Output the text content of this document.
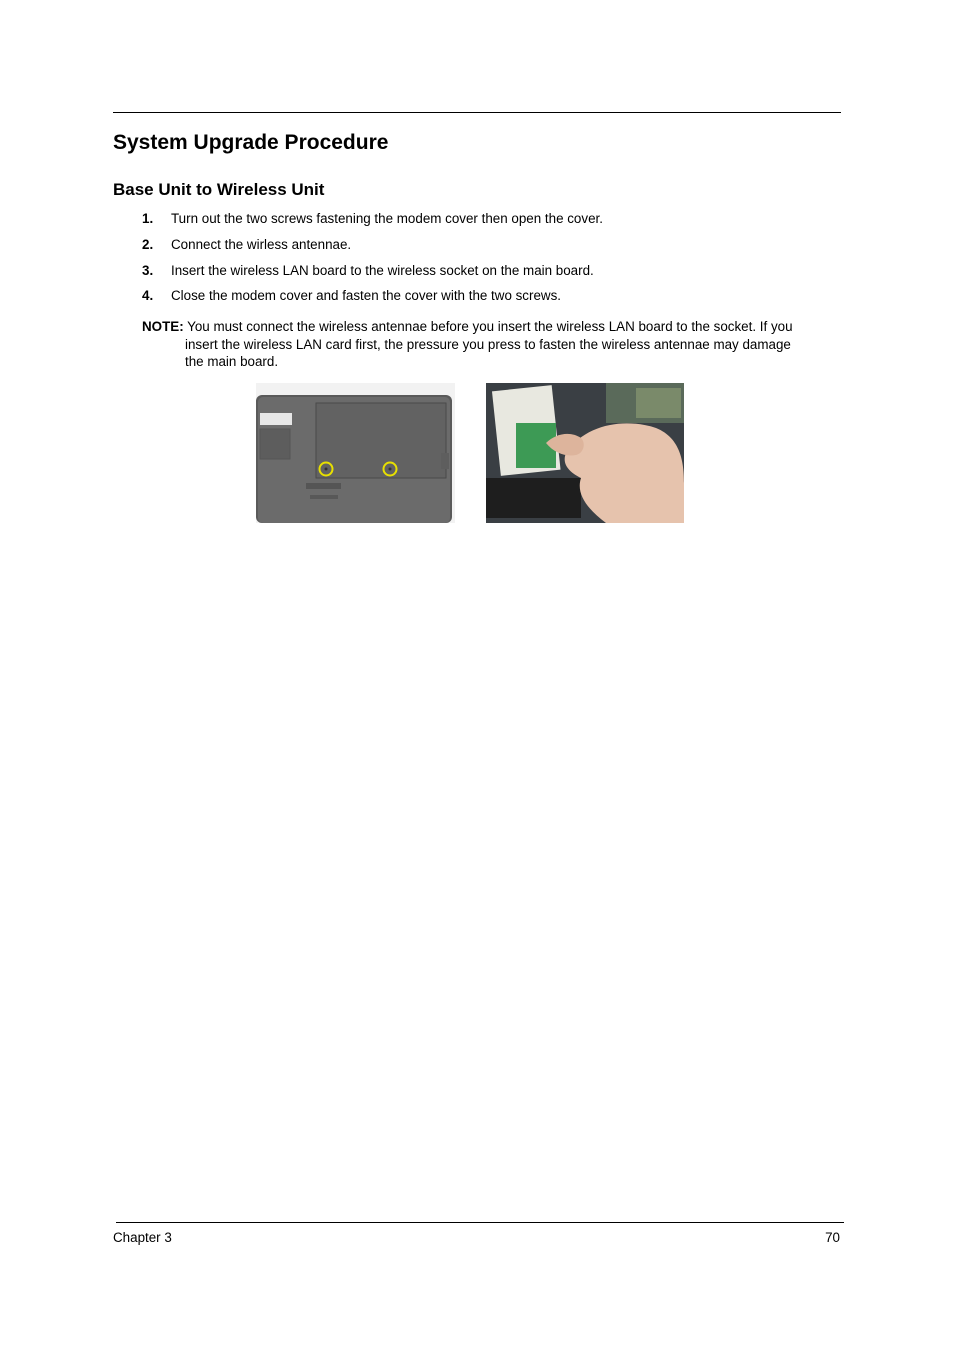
System Upgrade Procedure
Base Unit to Wireless Unit
1. Turn out the two screws fastening the modem cover then open the cover.
2. Connect the wirless antennae.
3. Insert the wireless LAN board to the wireless socket on the main board.
4. Close the modem cover and fasten the cover with the two screws.
NOTE: You must connect the wireless antennae before you insert the wireless LAN board to the socket. If you
insert the wireless LAN card first, the pressure you press to fasten the wireless antennae may damage
the main board.
Chapter 3	70
